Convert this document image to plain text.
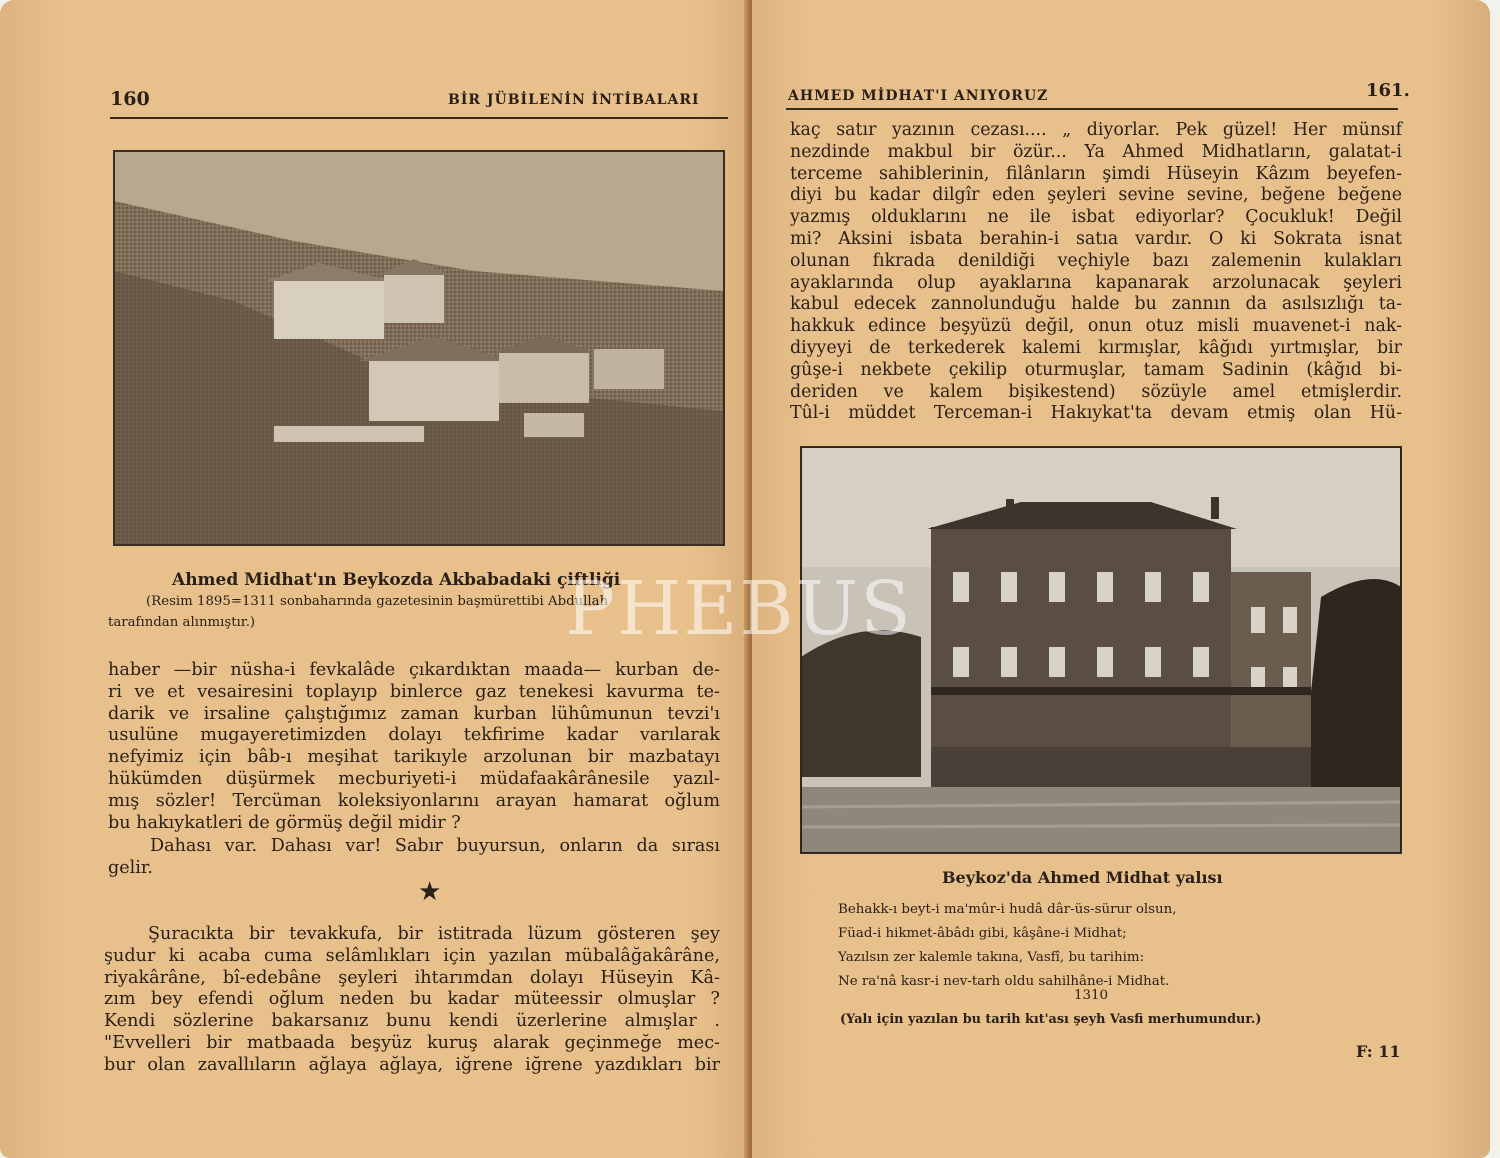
160	BİR JÜBİLENİN İNTİBALARI
Ahmed Midhat'ın Beykozda Akbabadaki çiftliği
(Resim 1895=1311 sonbaharında gazetesinin başmürettibi Abdullah
tarafından alınmıştır.)
haber —bir nüsha-i fevkalâde çıkardıktan maada— kurban de-
ri ve et vesairesini toplayıp binlerce gaz tenekesi kavurma te-
darik ve irsaline çalıştığımız zaman kurban lühûmunun tevzi'ı
usulüne mugayeretimizden dolayı tekfirime kadar varılarak
nefyimiz için bâb-ı meşihat tarikıyle arzolunan bir mazbatayı
hükümden düşürmek mecburiyeti-i müdafaakârânesile yazıl-
mış sözler! Tercüman koleksiyonlarını arayan hamarat oğlum
bu hakıykatleri de görmüş değil midir ?
Dahası var. Dahası var! Sabır buyursun, onların da sırası
gelir.
★
Şuracıkta bir tevakkufa, bir istitrada lüzum gösteren şey
şudur ki acaba cuma selâmlıkları için yazılan mübalâğakârâne,
riyakârâne, bî-edebâne şeyleri ihtarımdan dolayı Hüseyin Kâ-
zım bey efendi oğlum neden bu kadar müteessir olmuşlar ?
Kendi sözlerine bakarsanız bunu kendi üzerlerine almışlar .
"Evvelleri bir matbaada beşyüz kuruş alarak geçinmeğe mec-
bur olan zavallıların ağlaya ağlaya, iğrene iğrene yazdıkları bir
AHMED MİDHAT'I ANIYORUZ	161.
kaç satır yazının cezası.... „ diyorlar. Pek güzel! Her münsıf
nezdinde makbul bir özür... Ya Ahmed Midhatların, galatat-i
terceme sahiblerinin, filânların şimdi Hüseyin Kâzım beyefen-
diyi bu kadar dilgîr eden şeyleri sevine sevine, beğene beğene
yazmış olduklarını ne ile isbat ediyorlar? Çocukluk! Değil
mi? Aksini isbata berahin-i satıa vardır. O ki Sokrata isnat
olunan fıkrada denildiği veçhiyle bazı zalemenin kulakları
ayaklarında olup ayaklarına kapanarak arzolunacak şeyleri
kabul edecek zannolunduğu halde bu zannın da asılsızlığı ta-
hakkuk edince beşyüzü değil, onun otuz misli muavenet-i nak-
diyyeyi de terkederek kalemi kırmışlar, kâğıdı yırtmışlar, bir
gûşe-i nekbete çekilip oturmuşlar, tamam Sadinin (kâğıd bi-
deriden ve kalem bişikestend) sözüyle amel etmişlerdir.
Tûl-i müddet Terceman-i Hakıykat'ta devam etmiş olan Hü-
Beykoz'da Ahmed Midhat yalısı
Behakk-ı beyt-i ma'mûr-i hudâ dâr-üs-sürur olsun,
Füad-i hikmet-âbâdı gibi, kâşâne-i Midhat;
Yazılsın zer kalemle takına, Vasfî, bu tarihim:
Ne ra'nâ kasr-i nev-tarh oldu sahilhâne-i Midhat.
1310
(Yalı için yazılan bu tarih kıt'ası şeyh Vasfi merhumundur.)
F: 11
PHEBUS
